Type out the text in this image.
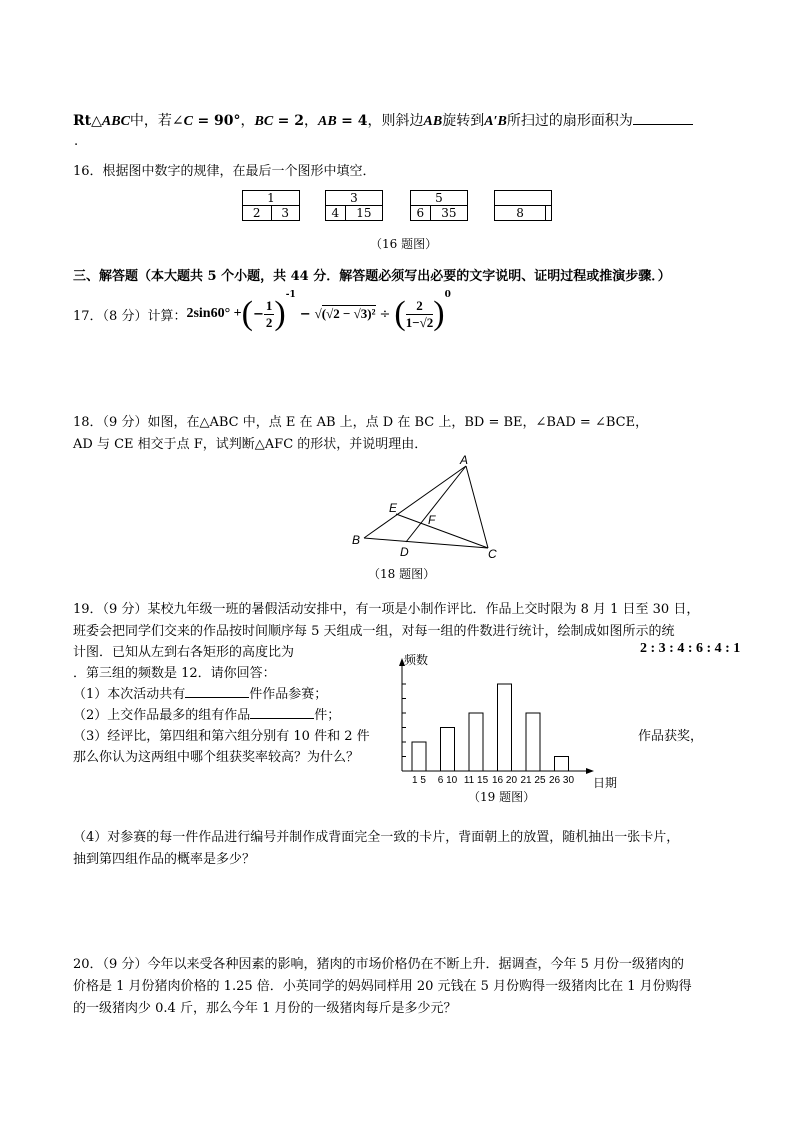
Rt△ABC中，若∠C = 90°，BC = 2，AB = 4，则斜边AB旋转到A′B所扫过的扇形面积为
.
16．根据图中数字的规律，在最后一个图形中填空．
1
2	3
3
4	15
5
6	35	8	
（16 题图）
三、解答题（本大题共 5 个小题，共 44 分．解答题必须写出必要的文字说明、证明过程或推演步骤．）
17．（8 分）计算： 2sin60° + ( − $\frac{1}{2} )^{-1}$
− √(√2 − √3)² ÷ ( $\frac{2}{1-√2} )^0$
18．（9 分）如图，在△ABC 中，点 E 在 AB 上，点 D 在 BC 上，BD = BE，∠BAD = ∠BCE，
AD 与 CE 相交于点 F，试判断△AFC 的形状，并说明理由．
A
B
C
D
E
F
（18 题图）
19．（9 分）某校九年级一班的暑假活动安排中，有一项是小制作评比．作品上交时限为 8 月 1 日至 30 日，
班委会把同学们交来的作品按时间顺序每 5 天组成一组，对每一组的件数进行统计，绘制成如图所示的统
计图．已知从左到右各矩形的高度比为	2 : 3 : 4 : 6 : 4 : 1
．第三组的频数是 12．请你回答：
（1）本次活动共有	件作品参赛；
（2）上交作品最多的组有作品	件；
（3）经评比，第四组和第六组分别有 10 件和 2 件	作品获奖，
那么你认为这两组中哪个组获奖率较高？为什么？
1 5 6 10 11 15 16 20 21 25 26 30
频数
日期
（19 题图）
（4）对参赛的每一件作品进行编号并制作成背面完全一致的卡片，背面朝上的放置，随机抽出一张卡片，
抽到第四组作品的概率是多少？
20．（9 分）今年以来受各种因素的影响，猪肉的市场价格仍在不断上升．据调查，今年 5 月份一级猪肉的
价格是 1 月份猪肉价格的 1.25 倍．小英同学的妈妈同样用 20 元钱在 5 月份购得一级猪肉比在 1 月份购得
的一级猪肉少 0.4 斤，那么今年 1 月份的一级猪肉每斤是多少元？
